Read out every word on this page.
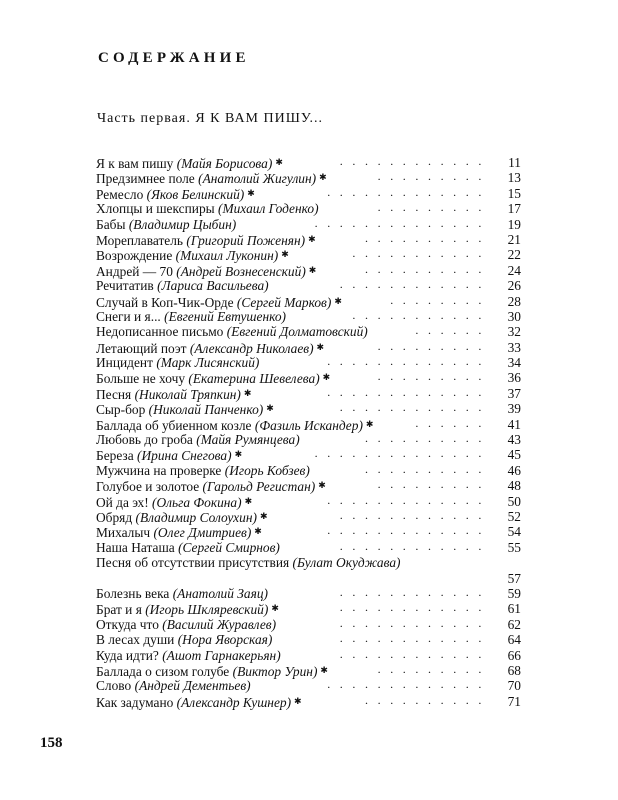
СОДЕРЖАНИЕ
Часть первая. Я К ВАМ ПИШУ...
Я к вам пишу (Майя Борисова) ✱	11
............
Предзимнее поле (Анатолий Жигулин) ✱	13
.........
Ремесло (Яков Белинский) ✱	15
.............
Хлопцы и шекспиры (Михаил Годенко)	17
.........
Бабы (Владимир Цыбин)	19
..............
Мореплаватель (Григорий Поженян) ✱	21
..........
Возрождение (Михаил Луконин) ✱	22
...........
Андрей — 70 (Андрей Вознесенский) ✱	24
..........
Речитатив (Лариса Васильева)	26
............
Случай в Коп-Чик-Орде (Сергей Марков) ✱	28
........
Снеги и я... (Евгений Евтушенко)	30
...........
Недописанное письмо (Евгений Долматовский)	32
......
Летающий поэт (Александр Николаев) ✱	33
.........
Инцидент (Марк Лисянский)	34
.............
Больше не хочу (Екатерина Шевелева) ✱	36
.........
Песня (Николай Тряпкин) ✱	37
.............
Сыр-бор (Николай Панченко) ✱	39
............
Баллада об убиенном козле (Фазиль Искандер) ✱	41
......
Любовь до гроба (Майя Румянцева)	43
..........
Береза (Ирина Снегова) ✱	45
..............
Мужчина на проверке (Игорь Кобзев)	46
..........
Голубое и золотое (Гарольд Регистан) ✱	48
.........
Ой да эх! (Ольга Фокина) ✱	50
.............
Обряд (Владимир Солоухин) ✱	52
............
Михалыч (Олег Дмитриев) ✱	54
.............
Наша Наташа (Сергей Смирнов)	55
............
Песня об отсутствии присутствия (Булат Окуджава)
57
Болезнь века (Анатолий Заяц)	59
............
Брат и я (Игорь Шкляревский) ✱	61
............
Откуда что (Василий Журавлев)	62
............
В лесах души (Нора Яворская)	64
............
Куда идти? (Ашот Гарнакерьян)	66
............
Баллада о сизом голубе (Виктор Урин) ✱	68
.........
Слово (Андрей Дементьев)	70
.............
Как задумано (Александр Кушнер) ✱	71
..........
158
